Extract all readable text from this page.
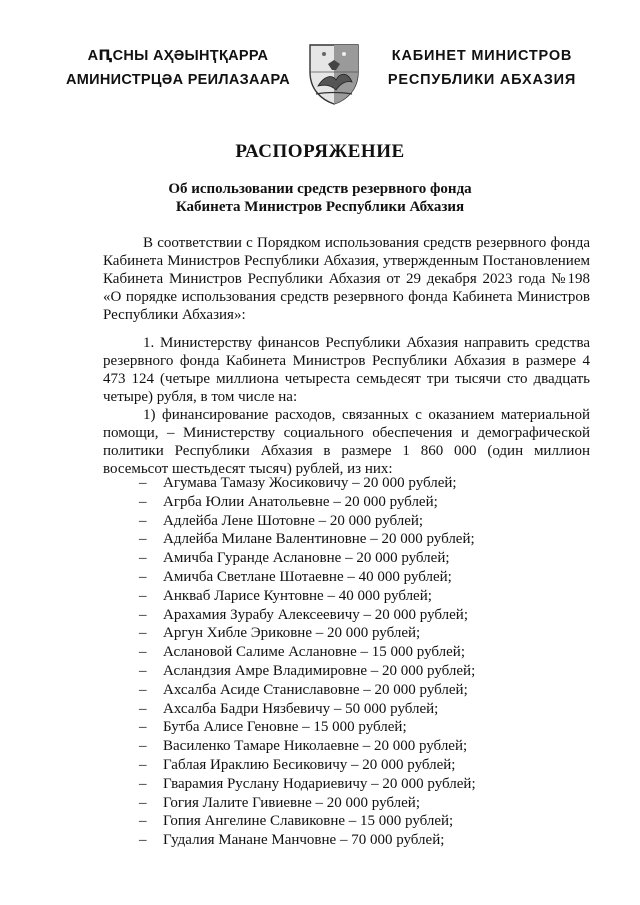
АԤСНЫ АҲӘЫНҬҚАРРА
АМИНИСТРЦӘА РЕИЛАЗААРА
КАБИНЕТ МИНИСТРОВ
РЕСПУБЛИКИ АБХАЗИЯ
РАСПОРЯЖЕНИЕ
Об использовании средств резервного фонда
Кабинета Министров Республики Абхазия
В соответствии с Порядком использования средств резервного фонда Кабинета Министров Республики Абхазия, утвержденным Постановлением Кабинета Министров Республики Абхазия от 29 декабря 2023 года №198 «О порядке использования средств резервного фонда Кабинета Министров Республики Абхазия»:
1. Министерству финансов Республики Абхазия направить средства резервного фонда Кабинета Министров Республики Абхазия в размере 4 473 124 (четыре миллиона четыреста семьдесят три тысячи сто двадцать четыре) рубля, в том числе на:
1) финансирование расходов, связанных с оказанием материальной помощи, – Министерству социального обеспечения и демографической политики Республики Абхазия в размере 1 860 000 (один миллион восемьсот шестьдесят тысяч) рублей, из них:
– Агумава Тамазу Жосиковичу – 20 000 рублей;
– Агрба Юлии Анатольевне – 20 000 рублей;
– Адлейба Лене Шотовне – 20 000 рублей;
– Адлейба Милане Валентиновне – 20 000 рублей;
– Амичба Гуранде Аслановне – 20 000 рублей;
– Амичба Светлане Шотаевне – 40 000 рублей;
– Анкваб Ларисе Кунтовне – 40 000 рублей;
– Арахамия Зурабу Алексеевичу – 20 000 рублей;
– Аргун Хибле Эриковне – 20 000 рублей;
– Аслановой Салиме Аслановне – 15 000 рублей;
– Асландзия Амре Владимировне – 20 000 рублей;
– Ахсалба Асиде Станиславовне – 20 000 рублей;
– Ахсалба Бадри Нязбевичу – 50 000 рублей;
– Бутба Алисе Геновне – 15 000 рублей;
– Василенко Тамаре Николаевне – 20 000 рублей;
– Габлая Ираклию Бесиковичу – 20 000 рублей;
– Гварамия Руслану Нодариевичу – 20 000 рублей;
– Гогия Лалите Гивиевне – 20 000 рублей;
– Гопия Ангелине Славиковне – 15 000 рублей;
– Гудалия Манане Манчовне – 70 000 рублей;
